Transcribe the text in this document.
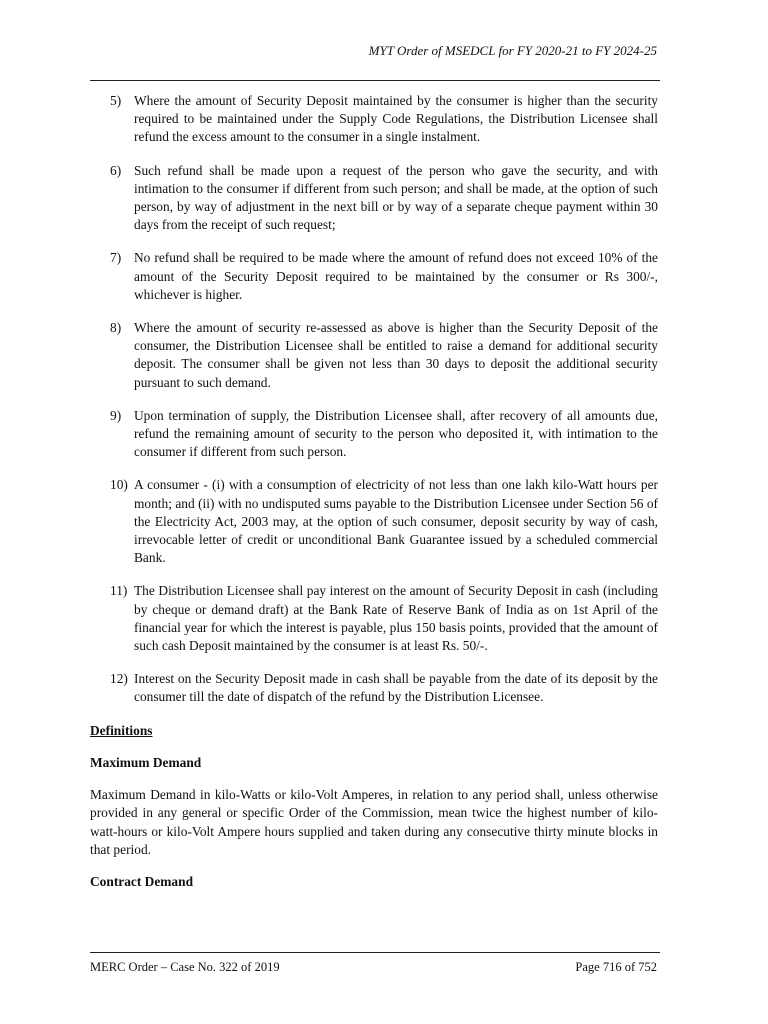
MYT Order of MSEDCL for FY 2020-21 to FY 2024-25
5) Where the amount of Security Deposit maintained by the consumer is higher than the security required to be maintained under the Supply Code Regulations, the Distribution Licensee shall refund the excess amount to the consumer in a single instalment.
6) Such refund shall be made upon a request of the person who gave the security, and with intimation to the consumer if different from such person; and shall be made, at the option of such person, by way of adjustment in the next bill or by way of a separate cheque payment within 30 days from the receipt of such request;
7) No refund shall be required to be made where the amount of refund does not exceed 10% of the amount of the Security Deposit required to be maintained by the consumer or Rs 300/-, whichever is higher.
8) Where the amount of security re-assessed as above is higher than the Security Deposit of the consumer, the Distribution Licensee shall be entitled to raise a demand for additional security deposit. The consumer shall be given not less than 30 days to deposit the additional security pursuant to such demand.
9) Upon termination of supply, the Distribution Licensee shall, after recovery of all amounts due, refund the remaining amount of security to the person who deposited it, with intimation to the consumer if different from such person.
10) A consumer - (i) with a consumption of electricity of not less than one lakh kilo-Watt hours per month; and (ii) with no undisputed sums payable to the Distribution Licensee under Section 56 of the Electricity Act, 2003 may, at the option of such consumer, deposit security by way of cash, irrevocable letter of credit or unconditional Bank Guarantee issued by a scheduled commercial Bank.
11) The Distribution Licensee shall pay interest on the amount of Security Deposit in cash (including by cheque or demand draft) at the Bank Rate of Reserve Bank of India as on 1st April of the financial year for which the interest is payable, plus 150 basis points, provided that the amount of such cash Deposit maintained by the consumer is at least Rs. 50/-.
12) Interest on the Security Deposit made in cash shall be payable from the date of its deposit by the consumer till the date of dispatch of the refund by the Distribution Licensee.
Definitions
Maximum Demand
Maximum Demand in kilo-Watts or kilo-Volt Amperes, in relation to any period shall, unless otherwise provided in any general or specific Order of the Commission, mean twice the highest number of kilo-watt-hours or kilo-Volt Ampere hours supplied and taken during any consecutive thirty minute blocks in that period.
Contract Demand
MERC Order – Case No. 322 of 2019	Page 716 of 752
